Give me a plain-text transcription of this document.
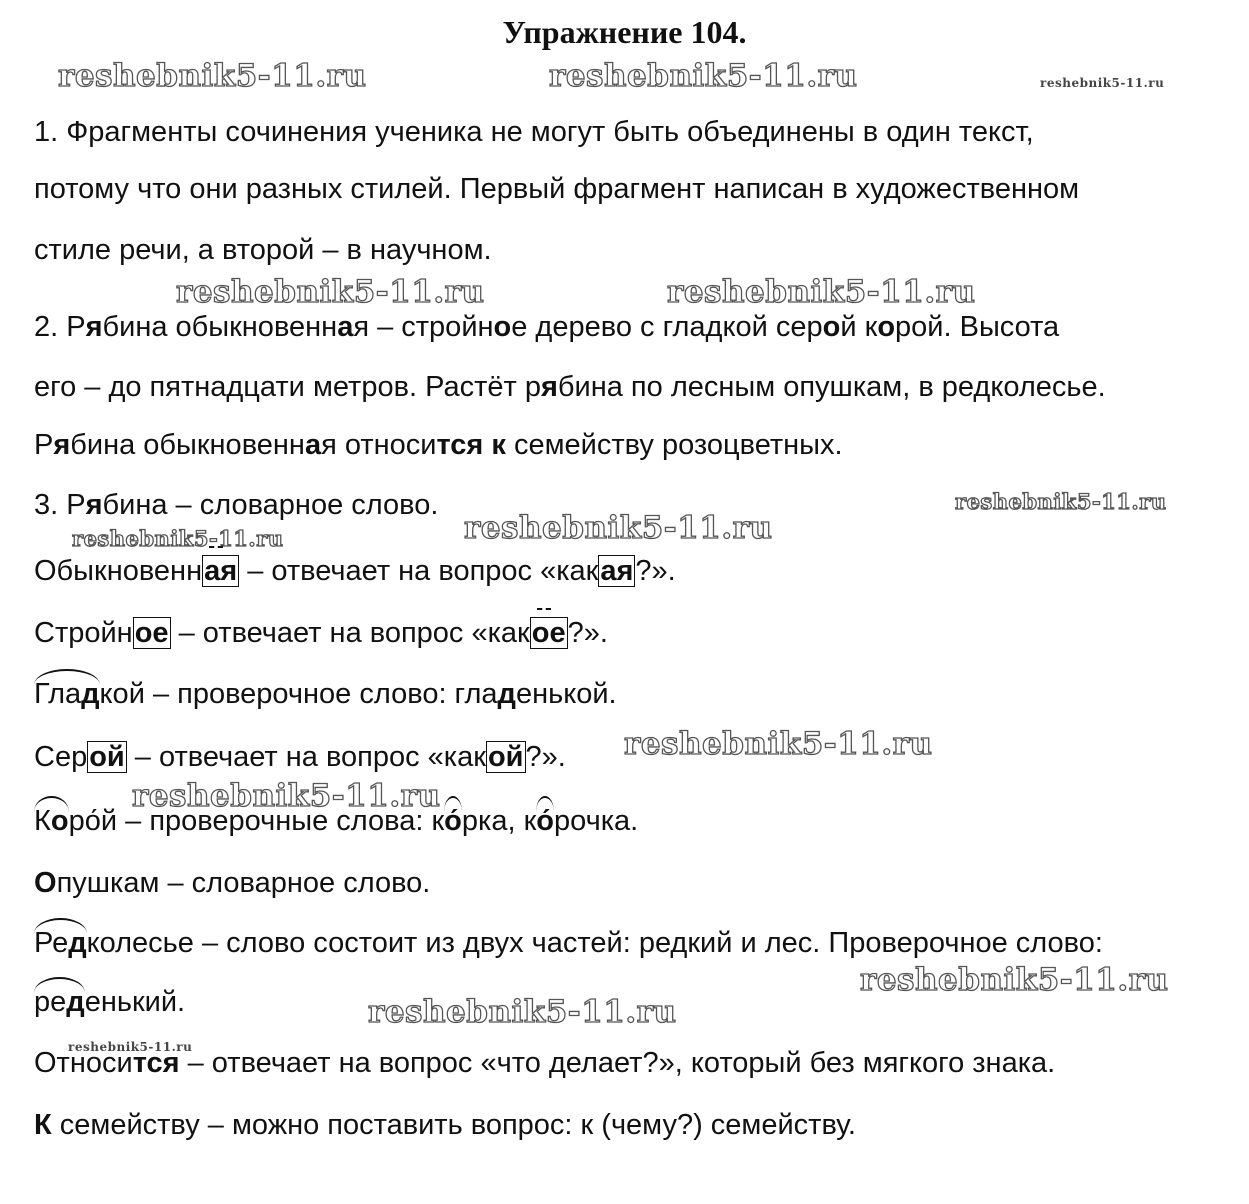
Упражнение 104.
reshebnik5-11.ru	reshebnik5-11.ru	reshebnik5-11.ru
reshebnik5-11.ru	reshebnik5-11.ru
reshebnik5-11.ru
reshebnik5-11.ru	reshebnik5-11.ru
reshebnik5-11.ru
reshebnik5-11.ru
reshebnik5-11.ru
reshebnik5-11.ru
reshebnik5-11.ru
1. Фрагменты сочинения ученика не могут быть объединены в один текст,
потому что они разных стилей. Первый фрагмент написан в художественном
стиле речи, а второй – в научном.
2. Рябина обыкновенная – стройное дерево с гладкой серой корой. Высота
его – до пятнадцати метров. Растёт рябина по лесным опушкам, в редколесье.
Рябина обыкновенная относится к семейству розоцветных.
3. Рябина – словарное слово.
Обыкновенная – отвечает на вопрос «какая?».
Стройное – отвечает на вопрос «какое?».
Гладкой – проверочное слово: гладенькой.
Серой – отвечает на вопрос «какой?».
Коро́й – проверочные слова: ко́рка, ко́рочка.
Опушкам – словарное слово.
Редколесье – слово состоит из двух частей: редкий и лес. Проверочное слово:
реденький.
Относится – отвечает на вопрос «что делает?», который без мягкого знака.
К семейству – можно поставить вопрос: к (чему?) семейству.
